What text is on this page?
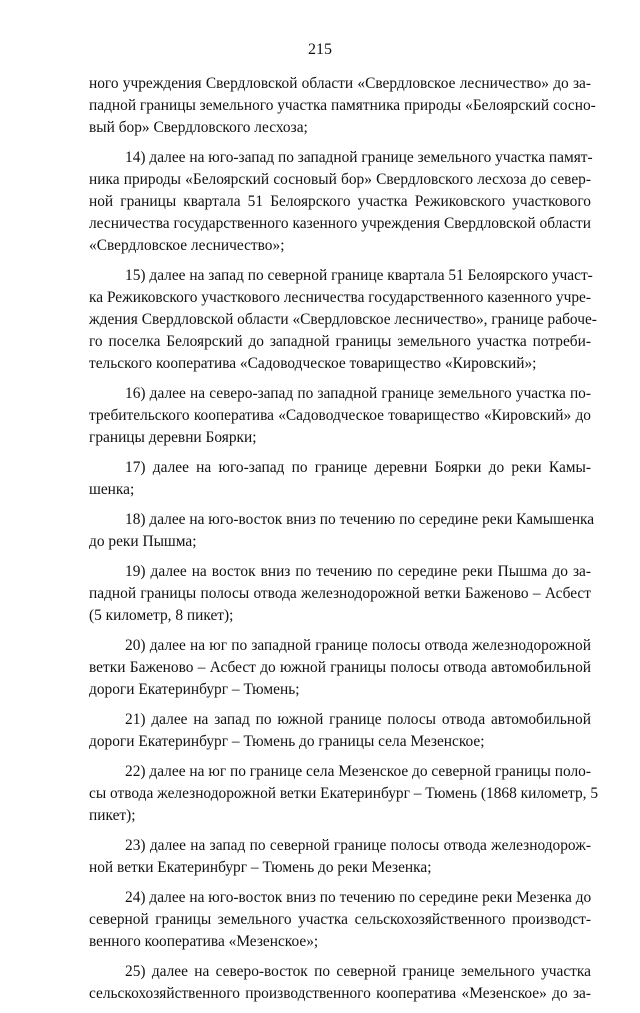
215

ного учреждения Свердловской области «Свердловское лесничество» до за-
падной границы земельного участка памятника природы «Белоярский сосно-
вый бор» Свердловского лесхоза;

14) далее на юго-запад по западной границе земельного участка памят-
ника природы «Белоярский сосновый бор» Свердловского лесхоза до север-
ной границы квартала 51 Белоярского участка Режиковского участкового
лесничества государственного казенного учреждения Свердловской области
«Свердловское лесничество»;

15) далее на запад по северной границе квартала 51 Белоярского участ-
ка Режиковского участкового лесничества государственного казенного учре-
ждения Свердловской области «Свердловское лесничество», границе рабоче-
го поселка Белоярский до западной границы земельного участка потреби-
тельского кооператива «Садоводческое товарищество «Кировский»;

16) далее на северо-запад по западной границе земельного участка по-
требительского кооператива «Садоводческое товарищество «Кировский» до
границы деревни Боярки;

17) далее на юго-запад по границе деревни Боярки до реки Камы-
шенка;

18) далее на юго-восток вниз по течению по середине реки Камышенка
до реки Пышма;

19) далее на восток вниз по течению по середине реки Пышма до за-
падной границы полосы отвода железнодорожной ветки Баженово – Асбест
(5 километр, 8 пикет);

20) далее на юг по западной границе полосы отвода железнодорожной
ветки Баженово – Асбест до южной границы полосы отвода автомобильной
дороги Екатеринбург – Тюмень;

21) далее на запад по южной границе полосы отвода автомобильной
дороги Екатеринбург – Тюмень до границы села Мезенское;

22) далее на юг по границе села Мезенское до северной границы поло-
сы отвода железнодорожной ветки Екатеринбург – Тюмень (1868 километр, 5
пикет);

23) далее на запад по северной границе полосы отвода железнодорож-
ной ветки Екатеринбург – Тюмень до реки Мезенка;

24) далее на юго-восток вниз по течению по середине реки Мезенка до
северной границы земельного участка сельскохозяйственного производст-
венного кооператива «Мезенское»;

25) далее на северо-восток по северной границе земельного участка
сельскохозяйственного производственного кооператива «Мезенское» до за-
